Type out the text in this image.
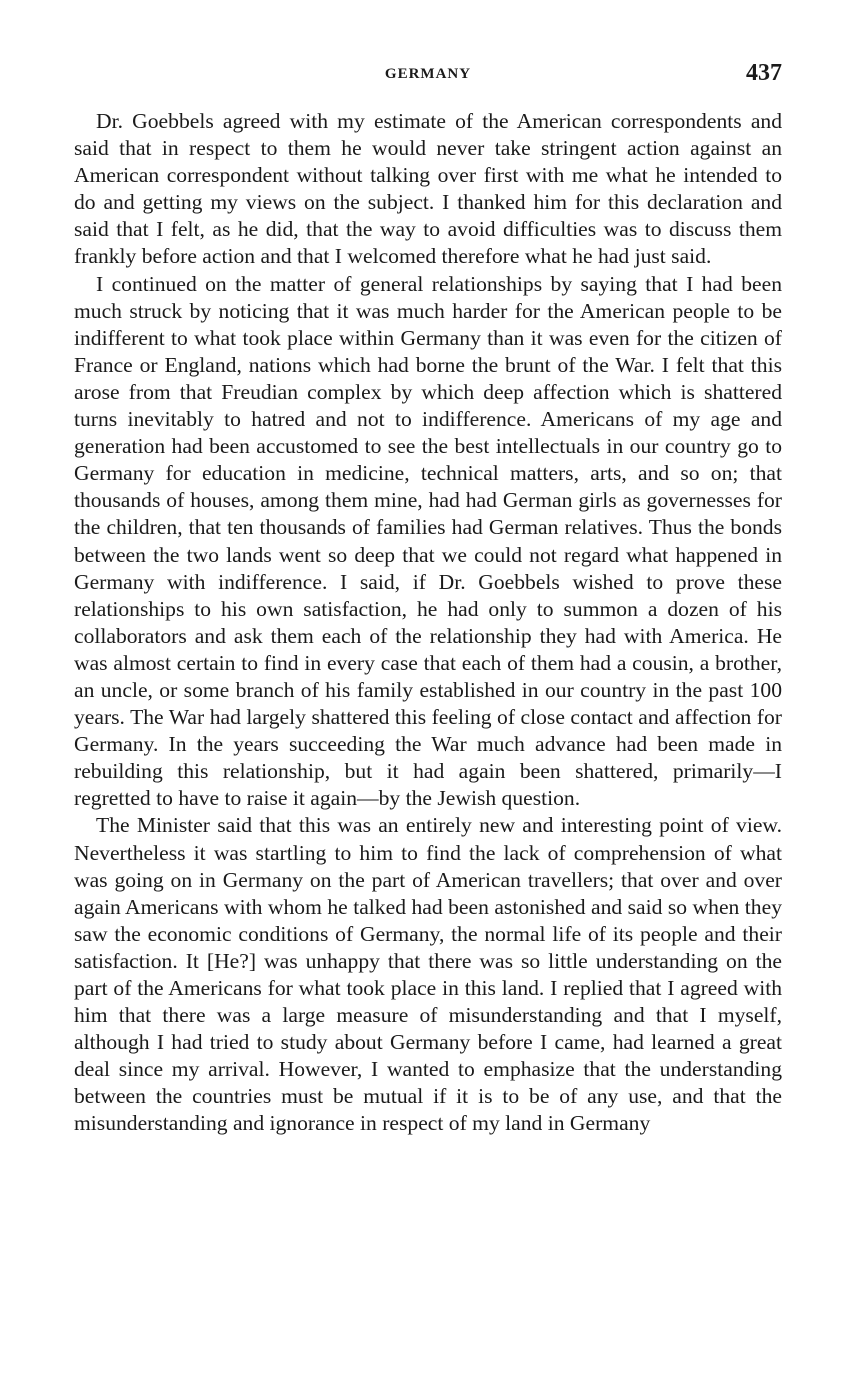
GERMANY	437

Dr. Goebbels agreed with my estimate of the American correspondents and said that in respect to them he would never take stringent action against an American correspondent without talking over first with me what he intended to do and getting my views on the subject. I thanked him for this declaration and said that I felt, as he did, that the way to avoid difficulties was to discuss them frankly before action and that I welcomed therefore what he had just said.

I continued on the matter of general relationships by saying that I had been much struck by noticing that it was much harder for the American people to be indifferent to what took place within Germany than it was even for the citizen of France or England, nations which had borne the brunt of the War. I felt that this arose from that Freudian complex by which deep affection which is shattered turns inevitably to hatred and not to indifference. Americans of my age and generation had been accustomed to see the best intellectuals in our country go to Germany for education in medicine, technical matters, arts, and so on; that thousands of houses, among them mine, had had German girls as governesses for the children, that ten thousands of families had German relatives. Thus the bonds between the two lands went so deep that we could not regard what happened in Germany with indifference. I said, if Dr. Goebbels wished to prove these relationships to his own satisfaction, he had only to summon a dozen of his collaborators and ask them each of the relationship they had with America. He was almost certain to find in every case that each of them had a cousin, a brother, an uncle, or some branch of his family established in our country in the past 100 years. The War had largely shattered this feeling of close contact and affection for Germany. In the years succeeding the War much advance had been made in rebuilding this relationship, but it had again been shattered, primarily—I regretted to have to raise it again—by the Jewish question.

The Minister said that this was an entirely new and interesting point of view. Nevertheless it was startling to him to find the lack of comprehension of what was going on in Germany on the part of American travellers; that over and over again Americans with whom he talked had been astonished and said so when they saw the economic conditions of Germany, the normal life of its people and their satisfaction. It [He?] was unhappy that there was so little understanding on the part of the Americans for what took place in this land. I replied that I agreed with him that there was a large measure of misunderstanding and that I myself, although I had tried to study about Germany before I came, had learned a great deal since my arrival. However, I wanted to emphasize that the understanding between the countries must be mutual if it is to be of any use, and that the misunderstanding and ignorance in respect of my land in Germany
